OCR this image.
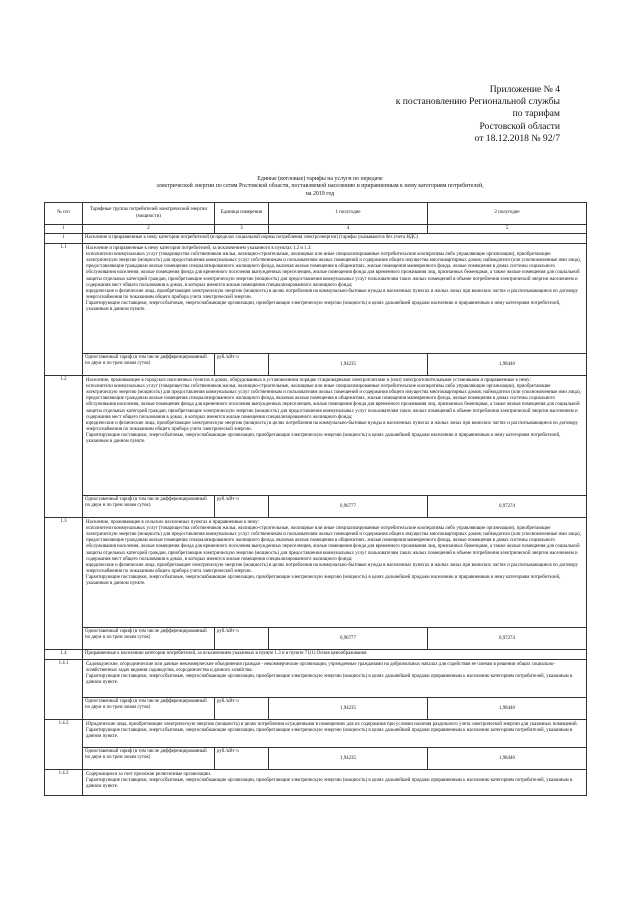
Приложение № 4
к постановлению Региональной службы
по тарифам
Ростовской области
от 18.12.2018 № 92/7
Единые (котловые) тарифы на услуги по передаче
электрической энергии по сетям Ростовской области, поставляемой населению и приравненным к нему категориям потребителей,
на 2019 год
№ п/п	Тарифные группы потребителей электрической энергии (мощности)	Единица измерения	1 полугодие	2 полугодие
1	2	3	4	5
1	Население и приравненные к нему категории потребителей (в пределах социальной нормы потребления электроэнергии) (тарифы указываются без учета НДС)			
1.1	Население и приравненные к нему категории потребителей, за исключением указанного в пунктах 1.2 и 1.3:

исполнители коммунальных услуг (товарищества собственников жилья, жилищно-строительные, жилищные или иные специализированные потребительские кооперативы либо управляющие организации), приобретающие электрическую энергию (мощность) для предоставления коммунальных услуг собственникам и пользователям жилых помещений и содержания общего имущества многоквартирных домов; наймодатели (или уполномоченные ими лица), предоставляющие гражданам жилые помещения специализированного жилищного фонда, включая жилые помещения в общежитиях, жилые помещения маневренного фонда, жилые помещения в домах системы социального обслуживания населения, жилые помещения фонда для временного поселения вынужденных переселенцев, жилые помещения фонда для временного проживания лиц, признанных беженцами, а также жилые помещения для социальной защиты отдельных категорий граждан, приобретающие электрическую энергию (мощность) для предоставления коммунальных услуг пользователям таких жилых помещений в объеме потребления электрической энергии населением и содержания мест общего пользования в домах, в которых имеются жилые помещения специализированного жилищного фонда;

юридические и физические лица, приобретающие электрическую энергию (мощность) в целях потребления на коммунально-бытовые нужды в населенных пунктах и жилых зонах при воинских частях и рассчитывающиеся по договору энергоснабжения по показаниям общего прибора учета электрической энергии.

Гарантирующие поставщики, энергосбытовые, энергоснабжающие организации, приобретающие электрическую энергию (мощность) в целях дальнейшей продажи населению и приравненным к нему категориям потребителей, указанным в данном пункте.			

	Одноставочный тариф (в том числе дифференцированный по двум и по трем зонам суток)	руб./кВт·ч	1,94235	1,98440
1.2	Население, проживающее в городских населенных пунктах в домах, оборудованных в установленном порядке стационарными электроплитами и (или) электроотопительными установками и приравненные к нему:

исполнители коммунальных услуг (товарищества собственников жилья, жилищно-строительные, жилищные или иные специализированные потребительские кооперативы либо управляющие организации), приобретающие электрическую энергию (мощность) для предоставления коммунальных услуг собственникам и пользователям жилых помещений и содержания общего имущества многоквартирных домов; наймодатели (или уполномоченные ими лица), предоставляющие гражданам жилые помещения специализированного жилищного фонда, включая жилые помещения в общежитиях, жилые помещения маневренного фонда, жилые помещения в домах системы социального обслуживания населения, жилые помещения фонда для временного поселения вынужденных переселенцев, жилые помещения фонда для временного проживания лиц, признанных беженцами, а также жилые помещения для социальной защиты отдельных категорий граждан, приобретающие электрическую энергию (мощность) для предоставления коммунальных услуг пользователям таких жилых помещений в объеме потребления электрической энергии населением и содержания мест общего пользования в домах, в которых имеются жилые помещения специализированного жилищного фонда;

юридические и физические лица, приобретающие электрическую энергию (мощность) в целях потребления на коммунально-бытовые нужды в населенных пунктах и жилых зонах при воинских частях и рассчитывающиеся по договору энергоснабжения по показаниям общего прибора учета электрической энергии.

Гарантирующие поставщики, энергосбытовые, энергоснабжающие организации, приобретающие электрическую энергию (мощность) в целях дальнейшей продажи населению и приравненным к нему категориям потребителей, указанным в данном пункте.			

	Одноставочный тариф (в том числе дифференцированный по двум и по трем зонам суток)	руб./кВт·ч	0,96777	0,97274
1.3	Население, проживающее в сельских населенных пунктах и приравненные к нему:

исполнители коммунальных услуг (товарищества собственников жилья, жилищно-строительные, жилищные или иные специализированные потребительские кооперативы либо управляющие организации), приобретающие электрическую энергию (мощность) для предоставления коммунальных услуг собственникам и пользователям жилых помещений и содержания общего имущества многоквартирных домов; наймодатели (или уполномоченные ими лица), предоставляющие гражданам жилые помещения специализированного жилищного фонда, включая жилые помещения в общежитиях, жилые помещения маневренного фонда, жилые помещения в домах системы социального обслуживания населения, жилые помещения фонда для временного поселения вынужденных переселенцев, жилые помещения фонда для временного проживания лиц, признанных беженцами, а также жилые помещения для социальной защиты отдельных категорий граждан, приобретающие электрическую энергию (мощность) для предоставления коммунальных услуг пользователям таких жилых помещений в объеме потребления электрической энергии населением и содержания мест общего пользования в домах, в которых имеются жилые помещения специализированного жилищного фонда;

юридические и физические лица, приобретающие электрическую энергию (мощность) в целях потребления на коммунально-бытовые нужды в населенных пунктах и жилых зонах при воинских частях и рассчитывающиеся по договору энергоснабжения по показаниям общего прибора учета электрической энергии.

Гарантирующие поставщики, энергосбытовые, энергоснабжающие организации, приобретающие электрическую энергию (мощность) в целях дальнейшей продажи населению и приравненным к нему категориям потребителей, указанным в данном пункте.			

	Одноставочный тариф (в том числе дифференцированный по двум и по трем зонам суток)	руб./кВт·ч	0,96777	0,97274
1.4	Приравненные к населению категории потребителей, за исключением указанных в пункте 1.3 и в пункте 71(1) Основ ценообразования			
1.4.1	Садоводческие, огороднические или дачные некоммерческие объединения граждан - некоммерческие организации, учрежденные гражданами на добровольных началах для содействия ее членам в решении общих социально-хозяйственных задач ведения садоводства, огородничества и дачного хозяйства.

Гарантирующие поставщики, энергосбытовые, энергоснабжающие организации, приобретающие электрическую энергию (мощность) в целях дальнейшей продажи приравненным к населению категориям потребителей, указанным в данном пункте.			

	Одноставочный тариф (в том числе дифференцированный по двум и по трем зонам суток)	руб./кВт·ч	1,94235	1,98440
1.4.2	Юридические лица, приобретающие электрическую энергию (мощность) в целях потребления осужденными в помещениях для их содержания при условии наличия раздельного учета электрической энергии для указанных помещений.

Гарантирующие поставщики, энергосбытовые, энергоснабжающие организации, приобретающие электрическую энергию (мощность) в целях дальнейшей продажи приравненным к населению категориям потребителей, указанным в данном пункте.			

	Одноставочный тариф (в том числе дифференцированный по двум и по трем зонам суток)	руб./кВт·ч	1,94235	1,98440
1.4.3	Содержащиеся за счет прихожан религиозные организации.

Гарантирующие поставщики, энергосбытовые, энергоснабжающие организации, приобретающие электрическую энергию (мощность) в целях дальнейшей продажи приравненным к населению категориям потребителей, указанным в данном пункте.			
